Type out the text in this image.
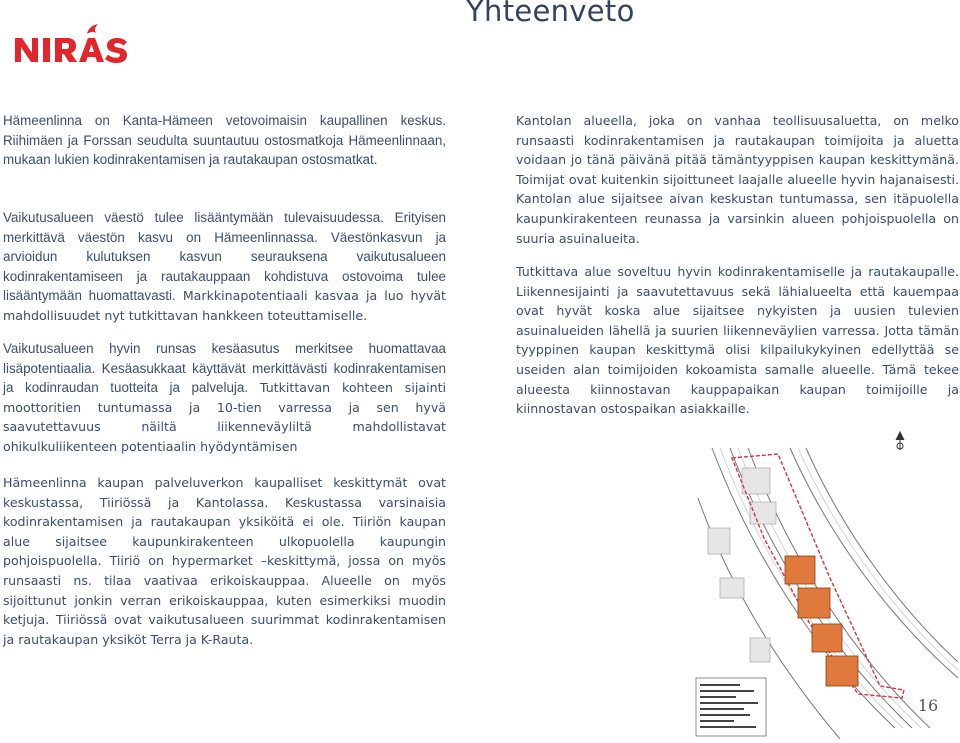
Yhteenveto

Hämeenlinna on Kanta-Hämeen vetovoimaisin kaupallinen keskus. Riihimäen ja Forssan seudulta suuntautuu ostosmatkoja Hämeenlinnaan, mukaan lukien kodinrakentamisen ja rautakaupan ostosmatkat.

Vaikutusalueen väestö tulee lisääntymään tulevaisuudessa. Erityisen merkittävä väestön kasvu on Hämeenlinnassa. Väestönkasvun ja arvioidun kulutuksen kasvun seurauksena vaikutusalueen kodinrakentamiseen ja rautakauppaan kohdistuva ostovoima tulee lisääntymään huomattavasti. Markkinapotentiaali kasvaa ja luo hyvät mahdollisuudet nyt tutkittavan hankkeen toteuttamiselle.

Vaikutusalueen hyvin runsas kesäasutus merkitsee huomattavaa lisäpotentiaalia. Kesäasukkaat käyttävät merkittävästi kodinrakentamisen ja kodinraudan tuotteita ja palveluja. Tutkittavan kohteen sijainti moottoritien tuntumassa ja 10-tien varressa ja sen hyvä saavutettavuus näiltä liikenneväyliltä mahdollistavat ohikulkuliikenteen potentiaalin hyödyntämisen

Hämeenlinna kaupan palveluverkon kaupalliset keskittymät ovat keskustassa, Tiiriössä ja Kantolassa. Keskustassa varsinaisia kodinrakentamisen ja rautakaupan yksiköitä ei ole. Tiiriön kaupan alue sijaitsee kaupunkirakenteen ulkopuolella kaupungin pohjoispuolella. Tiiriö on hypermarket –keskittymä, jossa on myös runsaasti ns. tilaa vaativaa erikoiskauppaa. Alueelle on myös sijoittunut jonkin verran erikoiskauppaa, kuten esimerkiksi muodin ketjuja. Tiiriössä ovat vaikutusalueen suurimmat kodinrakentamisen ja rautakaupan yksiköt Terra ja K-Rauta.

Kantolan alueella, joka on vanhaa teollisuusaluetta, on melko runsaasti kodinrakentamisen ja rautakaupan toimijoita ja aluetta voidaan jo tänä päivänä pitää tämäntyyppisen kaupan keskittymänä. Toimijat ovat kuitenkin sijoittuneet laajalle alueelle hyvin hajanaisesti. Kantolan alue sijaitsee aivan keskustan tuntumassa, sen itäpuolella kaupunkirakenteen reunassa ja varsinkin alueen pohjoispuolella on suuria asuinalueita.

Tutkittava alue soveltuu hyvin kodinrakentamiselle ja rautakaupalle. Liikennesijainti ja saavutettavuus sekä lähialueelta että kauempaa ovat hyvät koska alue sijaitsee nykyisten ja uusien tulevien asuinalueiden lähellä ja suurien liikenneväylien varressa. Jotta tämän tyyppinen kaupan keskittymä olisi kilpailukykyinen edellyttää se useiden alan toimijoiden kokoamista samalle alueelle. Tämä tekee alueesta kiinnostavan kauppapaikan kaupan toimijoille ja kiinnostavan ostospaikan asiakkaille.

16
